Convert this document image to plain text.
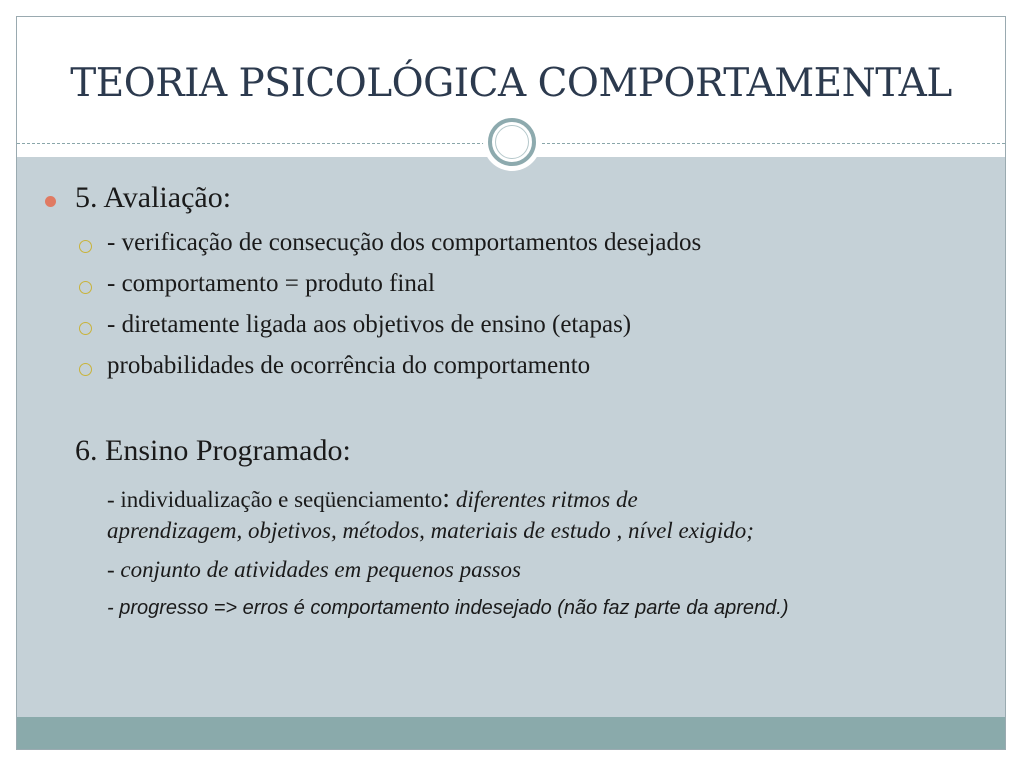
TEORIA PSICOLÓGICA COMPORTAMENTAL
5. Avaliação:
- verificação de consecução dos comportamentos desejados
- comportamento = produto final
- diretamente ligada aos objetivos de ensino (etapas)
probabilidades de ocorrência do comportamento
6. Ensino Programado:
- individualização e seqüenciamento: diferentes ritmos de
aprendizagem, objetivos, métodos, materiais de estudo , nível exigido;
- conjunto de atividades em pequenos passos
- progresso => erros é comportamento indesejado (não faz parte da aprend.)
